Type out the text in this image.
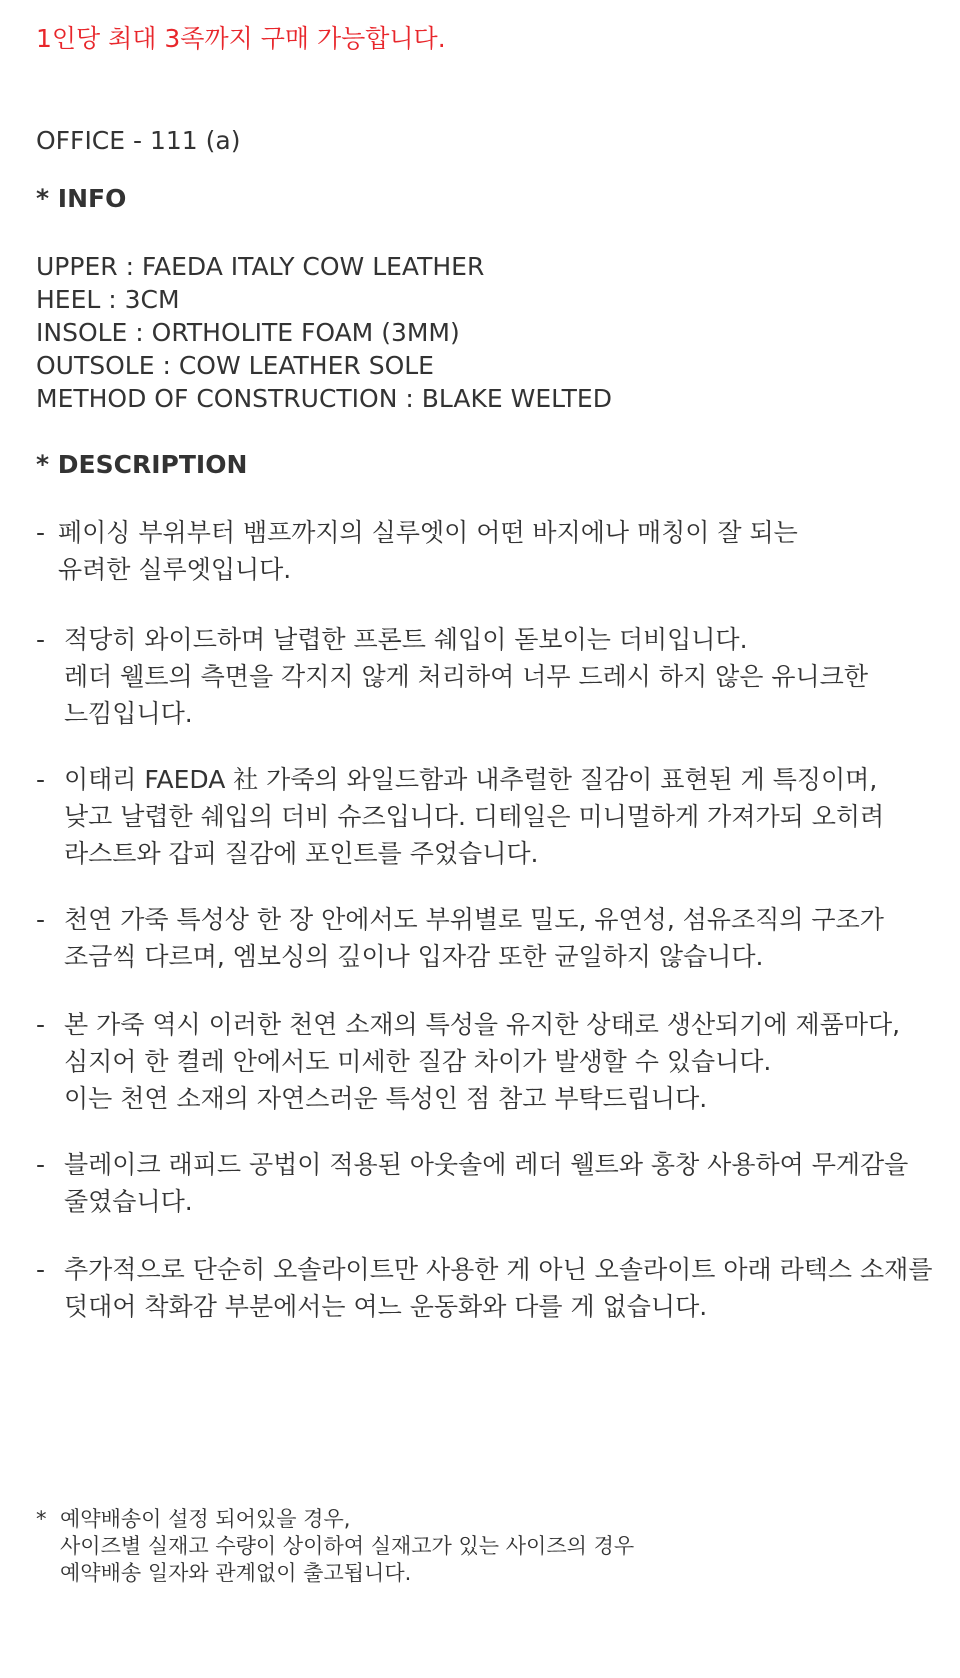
1인당 최대 3족까지 구매 가능합니다.
OFFICE - 111 (a)
* INFO
UPPER : FAEDA ITALY COW LEATHER
HEEL : 3CM
INSOLE : ORTHOLITE FOAM (3MM)
OUTSOLE : COW LEATHER SOLE
METHOD OF CONSTRUCTION : BLAKE WELTED
* DESCRIPTION
- 페이싱 부위부터 뱀프까지의 실루엣이 어떤 바지에나 매칭이 잘 되는
유려한 실루엣입니다.
- 적당히 와이드하며 날렵한 프론트 쉐입이 돋보이는 더비입니다.
레더 웰트의 측면을 각지지 않게 처리하여 너무 드레시 하지 않은 유니크한
느낌입니다.
- 이태리 FAEDA 社 가죽의 와일드함과 내추럴한 질감이 표현된 게 특징이며,
낮고 날렵한 쉐입의 더비 슈즈입니다. 디테일은 미니멀하게 가져가되 오히려
라스트와 갑피 질감에 포인트를 주었습니다.
- 천연 가죽 특성상 한 장 안에서도 부위별로 밀도, 유연성, 섬유조직의 구조가
조금씩 다르며, 엠보싱의 깊이나 입자감 또한 균일하지 않습니다.
- 본 가죽 역시 이러한 천연 소재의 특성을 유지한 상태로 생산되기에 제품마다,
심지어 한 켤레 안에서도 미세한 질감 차이가 발생할 수 있습니다.
이는 천연 소재의 자연스러운 특성인 점 참고 부탁드립니다.
- 블레이크 래피드 공법이 적용된 아웃솔에 레더 웰트와 홍창 사용하여 무게감을
줄였습니다.
- 추가적으로 단순히 오솔라이트만 사용한 게 아닌 오솔라이트 아래 라텍스 소재를
덧대어 착화감 부분에서는 여느 운동화와 다를 게 없습니다.
* 예약배송이 설정 되어있을 경우,
사이즈별 실재고 수량이 상이하여 실재고가 있는 사이즈의 경우
예약배송 일자와 관계없이 출고됩니다.
